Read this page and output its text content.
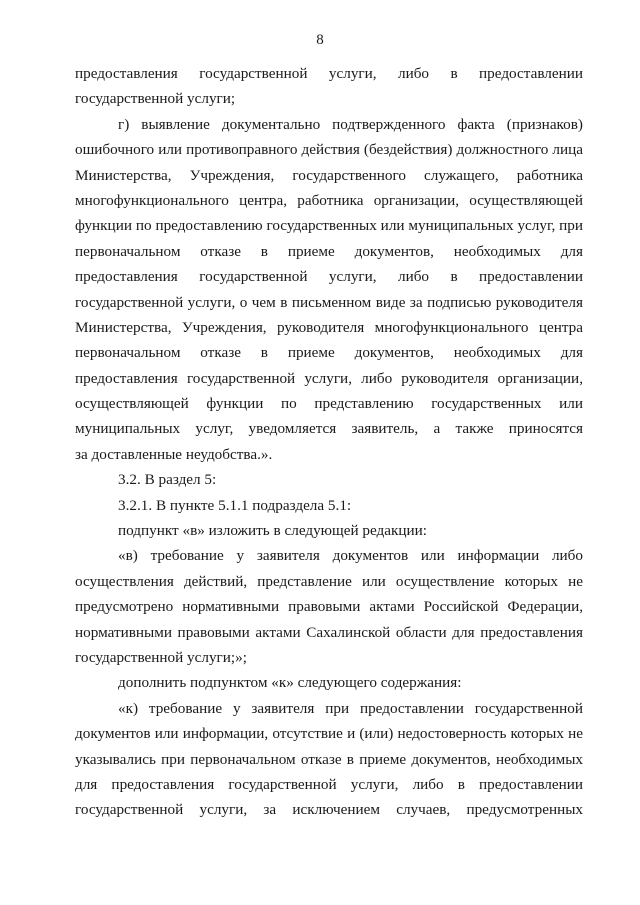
8
предоставления государственной услуги, либо в предоставлении
государственной услуги;
г) выявление документально подтвержденного факта (признаков)
ошибочного или противоправного действия (бездействия) должностного лица
Министерства, Учреждения, государственного служащего, работника
многофункционального центра, работника организации, осуществляющей
функции по предоставлению государственных или муниципальных услуг, при
первоначальном отказе в приеме документов, необходимых для
предоставления государственной услуги, либо в предоставлении
государственной услуги, о чем в письменном виде за подписью руководителя
Министерства, Учреждения, руководителя многофункционального центра
первоначальном отказе в приеме документов, необходимых для
предоставления государственной услуги, либо руководителя организации,
осуществляющей функции по представлению государственных или
муниципальных услуг, уведомляется заявитель, а также приносятся
за доставленные неудобства.».
3.2. В раздел 5:
3.2.1. В пункте 5.1.1 подраздела 5.1:
подпункт «в» изложить в следующей редакции:
«в) требование у заявителя документов или информации либо
осуществления действий, представление или осуществление которых не
предусмотрено нормативными правовыми актами Российской Федерации,
нормативными правовыми актами Сахалинской области для предоставления
государственной услуги;»;
дополнить подпунктом «к» следующего содержания:
«к) требование у заявителя при предоставлении государственной
документов или информации, отсутствие и (или) недостоверность которых не
указывались при первоначальном отказе в приеме документов, необходимых
для предоставления государственной услуги, либо в предоставлении
государственной услуги, за исключением случаев, предусмотренных
